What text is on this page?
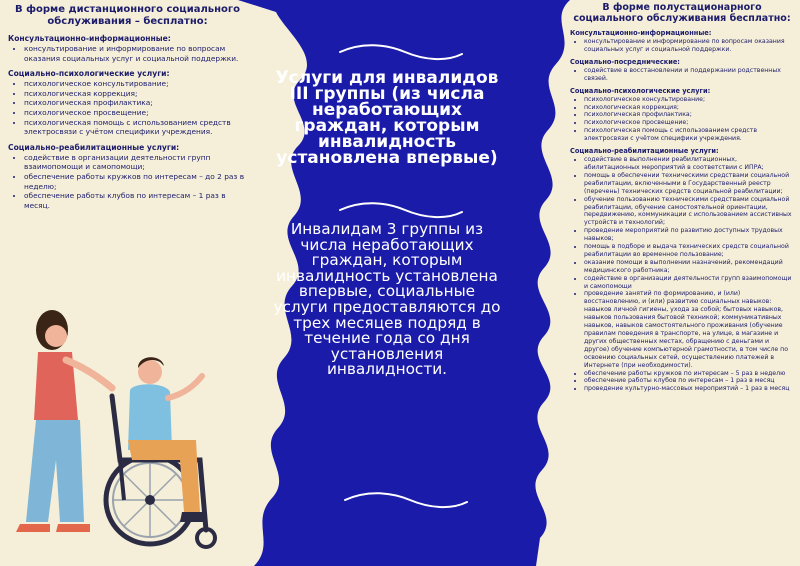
В форме дистанционного социального обслуживания – бесплатно:
Консультационно-информационные:
• консультирование и информирование по вопросам оказания социальных услуг и социальной поддержки.
Социально-психологические услуги:
• психологическое консультирование;
• психологическая коррекция;
• психологическая профилактика;
• психологическое просвещение;
• психологическая помощь с использованием средств электросвязи с учётом специфики учреждения.
Социально-реабилитационные услуги:
• содействие в организации деятельности групп взаимопомощи и самопомощи;
• обеспечение работы кружков по интересам – до 2 раз в неделю;
• обеспечение работы клубов по интересам – 1 раз в месяц.
Услуги для инвалидов III группы (из числа неработающих граждан, которым инвалидность установлена впервые)
Инвалидам 3 группы из числа неработающих граждан, которым инвалидность установлена впервые, социальные услуги предоставляются до трех месяцев подряд в течение года со дня установления инвалидности.
В форме полустационарного социального обслуживания бесплатно:
Консультационно-информационные:
• консультирование и информирование по вопросам оказания социальных услуг и социальной поддержки.
Социально-посреднические:
• содействие в восстановлении и поддержании родственных связей.
Социально-психологические услуги:
• психологическое консультирование;
• психологическая коррекция;
• психологическая профилактика;
• психологическое просвещение;
• психологическая помощь с использованием средств электросвязи с учётом специфики учреждения.
Социально-реабилитационные услуги:
• содействие в выполнении реабилитационных, абилитационных мероприятий в соответствии с ИПРА;
• помощь в обеспечении техническими средствами социальной реабилитации, включенными в Государственный реестр (перечень) технических средств социальной реабилитации;
• обучение пользованию техническими средствами социальной реабилитации, обучение самостоятельной ориентации, передвижению, коммуникации с использованием ассистивных устройств и технологий;
• проведение мероприятий по развитию доступных трудовых навыков;
• помощь в подборе и выдача технических средств социальной реабилитации во временное пользование;
• оказание помощи в выполнении назначений, рекомендаций медицинского работника;
• содействие в организации деятельности групп взаимопомощи и самопомощи
• проведение занятий по формированию, и (или) восстановлению, и (или) развитию социальных навыков: навыков личной гигиены, ухода за собой; бытовых навыков, навыков пользования бытовой техникой; коммуникативных навыков, навыков самостоятельного проживания (обучение правилам поведения в транспорте, на улице, в магазине и других общественных местах, обращению с деньгами и другое) обучение компьютерной грамотности, в том числе по освоению социальных сетей, осуществлению платежей в Интернете (при необходимости).
• обеспечение работы кружков по интересам – 5 раз в неделю
• обеспечение работы клубов по интересам – 1 раз в месяц
• проведение культурно-массовых мероприятий – 1 раз в месяц
